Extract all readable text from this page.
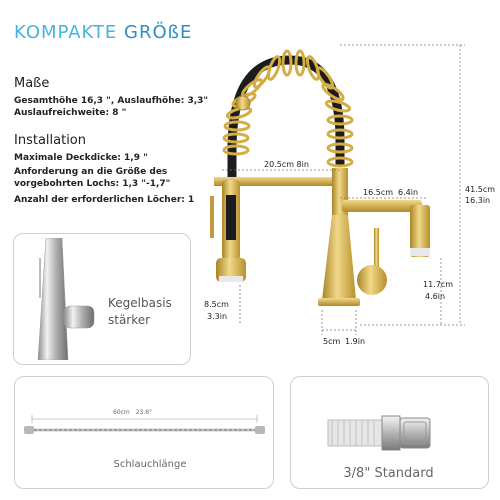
KOMPAKTE GRÖßE
Maße
Gesamthöhe 16,3 ", Auslaufhöhe: 3,3"
Auslaufreichweite: 8 "
Installation
Maximale Deckdicke: 1,9 "
Anforderung an die Größe des
vorgebohrten Lochs: 1,3 "-1,7"
Anzahl der erforderlichen Löcher: 1
20.5cm 8in
16.5cm 6.4in	41.5cm
16.3in
11.7cm
4.6in
8.5cm
3.3in
5cm 1.9in
Kegelbasis
stärker
60cm 23.6"
Schlauchlänge
3/8" Standard
